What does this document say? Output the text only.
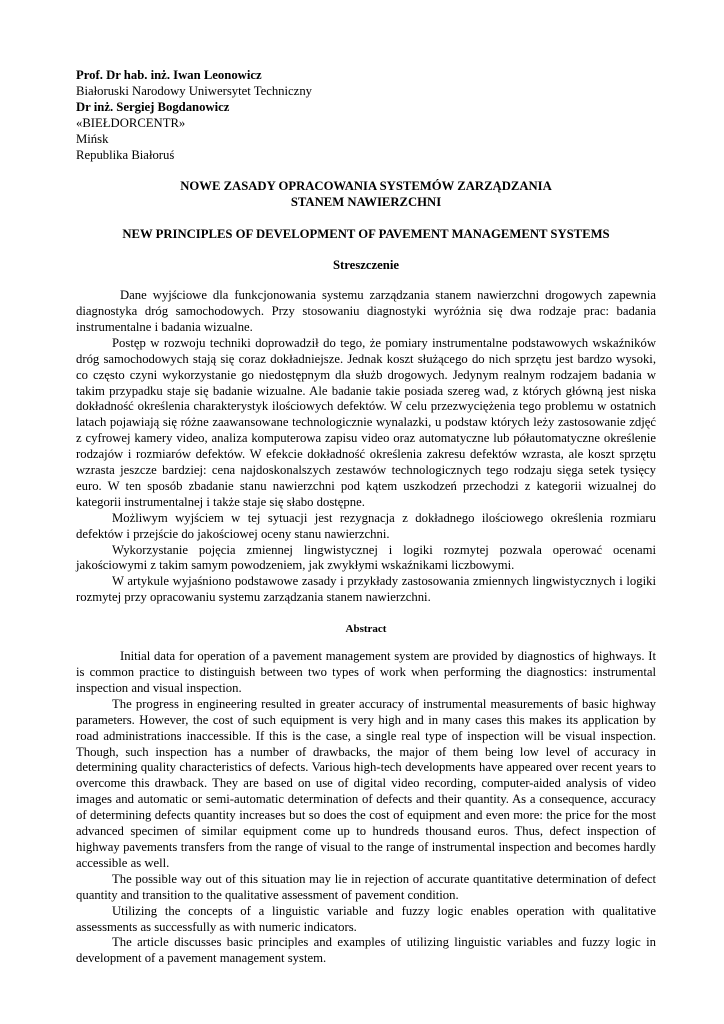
Prof. Dr hab. inż. Iwan Leonowicz
Białoruski Narodowy Uniwersytet Techniczny
Dr inż. Sergiej Bogdanowicz
«BIEŁDORCENTR»
Mińsk
Republika Białoruś
NOWE ZASADY OPRACOWANIA SYSTEMÓW ZARZĄDZANIA
STANEM NAWIERZCHNI
NEW PRINCIPLES OF DEVELOPMENT OF PAVEMENT MANAGEMENT SYSTEMS
Streszczenie

Dane wyjściowe dla funkcjonowania systemu zarządzania stanem nawierzchni drogowych zapewnia diagnostyka dróg samochodowych. Przy stosowaniu diagnostyki wyróżnia się dwa rodzaje prac: badania instrumentalne i badania wizualne.

Postęp w rozwoju techniki doprowadził do tego, że pomiary instrumentalne podstawowych wskaźników dróg samochodowych stają się coraz dokładniejsze. Jednak koszt służącego do nich sprzętu jest bardzo wysoki, co często czyni wykorzystanie go niedostępnym dla służb drogowych. Jedynym realnym rodzajem badania w takim przypadku staje się badanie wizualne. Ale badanie takie posiada szereg wad, z których główną jest niska dokładność określenia charakterystyk ilościowych defektów. W celu przezwyciężenia tego problemu w ostatnich latach pojawiają się różne zaawansowane technologicznie wynalazki, u podstaw których leży zastosowanie zdjęć z cyfrowej kamery video, analiza komputerowa zapisu video oraz automatyczne lub półautomatyczne określenie rodzajów i rozmiarów defektów. W efekcie dokładność określenia zakresu defektów wzrasta, ale koszt sprzętu wzrasta jeszcze bardziej: cena najdoskonalszych zestawów technologicznych tego rodzaju sięga setek tysięcy euro. W ten sposób zbadanie stanu nawierzchni pod kątem uszkodzeń przechodzi z kategorii wizualnej do kategorii instrumentalnej i także staje się słabo dostępne.

Możliwym wyjściem w tej sytuacji jest rezygnacja z dokładnego ilościowego określenia rozmiaru defektów i przejście do jakościowej oceny stanu nawierzchni.

Wykorzystanie pojęcia zmiennej lingwistycznej i logiki rozmytej pozwala operować ocenami jakościowymi z takim samym powodzeniem, jak zwykłymi wskaźnikami liczbowymi.

W artykule wyjaśniono podstawowe zasady i przykłady zastosowania zmiennych lingwistycznych i logiki rozmytej przy opracowaniu systemu zarządzania stanem nawierzchni.

Abstract

Initial data for operation of a pavement management system are provided by diagnostics of highways. It is common practice to distinguish between two types of work when performing the diagnostics: instrumental inspection and visual inspection.

The progress in engineering resulted in greater accuracy of instrumental measurements of basic highway parameters. However, the cost of such equipment is very high and in many cases this makes its application by road administrations inaccessible. If this is the case, a single real type of inspection will be visual inspection. Though, such inspection has a number of drawbacks, the major of them being low level of accuracy in determining quality characteristics of defects. Various high-tech developments have appeared over recent years to overcome this drawback. They are based on use of digital video recording, computer-aided analysis of video images and automatic or semi-automatic determination of defects and their quantity. As a consequence, accuracy of determining defects quantity increases but so does the cost of equipment and even more: the price for the most advanced specimen of similar equipment come up to hundreds thousand euros. Thus, defect inspection of highway pavements transfers from the range of visual to the range of instrumental inspection and becomes hardly accessible as well.

The possible way out of this situation may lie in rejection of accurate quantitative determination of defect quantity and transition to the qualitative assessment of pavement condition.

Utilizing the concepts of a linguistic variable and fuzzy logic enables operation with qualitative assessments as successfully as with numeric indicators.

The article discusses basic principles and examples of utilizing linguistic variables and fuzzy logic in development of a pavement management system.
